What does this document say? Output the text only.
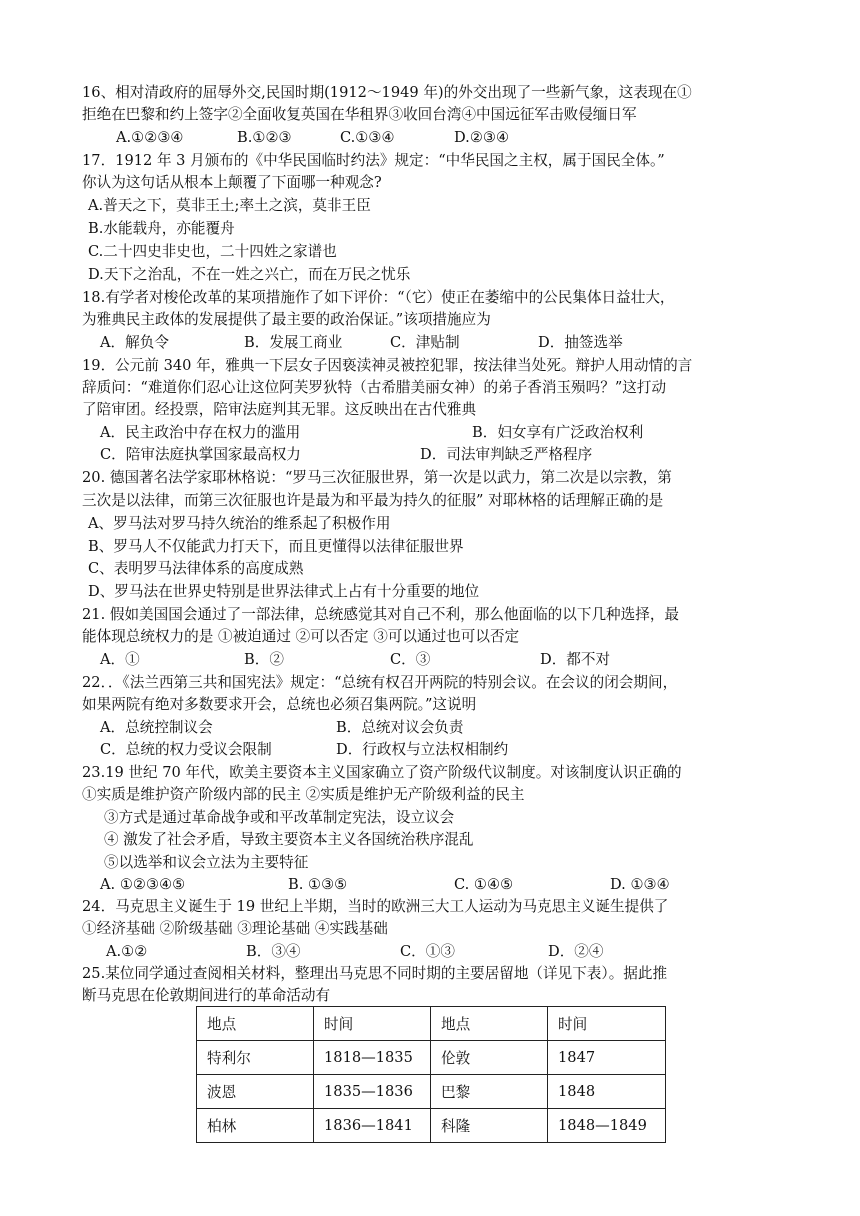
16、相对清政府的屈辱外交,民国时期(1912～1949 年)的外交出现了一些新气象，这表现在①
拒绝在巴黎和约上签字②全面收复英国在华租界③收回台湾④中国远征军击败侵缅日军
A.①②③④	B.①②③	C.①③④	D.②③④
17．1912 年 3 月颁布的《中华民国临时约法》规定：“中华民国之主权，属于国民全体。”
你认为这句话从根本上颠覆了下面哪一种观念?
A.普天之下，莫非王土;率土之滨，莫非王臣
B.水能载舟，亦能覆舟
C.二十四史非史也，二十四姓之家谱也
D.天下之治乱，不在一姓之兴亡，而在万民之忧乐
18.有学者对梭伦改革的某项措施作了如下评价：“（它）使正在萎缩中的公民集体日益壮大，
为雅典民主政体的发展提供了最主要的政治保证。”该项措施应为
A．解负令	B．发展工商业	C．津贴制	D．抽签选举
19．公元前 340 年，雅典一下层女子因亵渎神灵被控犯罪，按法律当处死。辩护人用动情的言
辞质问：“难道你们忍心让这位阿芙罗狄特（古希腊美丽女神）的弟子香消玉殒吗？”这打动
了陪审团。经投票，陪审法庭判其无罪。这反映出在古代雅典
A．民主政治中存在权力的滥用	B．妇女享有广泛政治权利
C．陪审法庭执掌国家最高权力	D．司法审判缺乏严格程序
20. 德国著名法学家耶林格说：“罗马三次征服世界，第一次是以武力，第二次是以宗教，第
三次是以法律，而第三次征服也许是最为和平最为持久的征服” 对耶林格的话理解正确的是
A、罗马法对罗马持久统治的维系起了积极作用
B、罗马人不仅能武力打天下，而且更懂得以法律征服世界
C、表明罗马法律体系的高度成熟
D、罗马法在世界史特别是世界法律式上占有十分重要的地位
21. 假如美国国会通过了一部法律，总统感觉其对自己不利，那么他面临的以下几种选择，最
能体现总统权力的是 ①被迫通过 ②可以否定 ③可以通过也可以否定
A．①	B．②	C．③	D．都不对
22．．《法兰西第三共和国宪法》规定：“总统有权召开两院的特别会议。在会议的闭会期间，
如果两院有绝对多数要求开会，总统也必须召集两院。”这说明
A．总统控制议会	B．总统对议会负责
C．总统的权力受议会限制	D．行政权与立法权相制约
23.19 世纪 70 年代，欧美主要资本主义国家确立了资产阶级代议制度。对该制度认识正确的
①实质是维护资产阶级内部的民主 ②实质是维护无产阶级利益的民主
③方式是通过革命战争或和平改革制定宪法，设立议会
④ 激发了社会矛盾，导致主要资本主义各国统治秩序混乱
⑤以选举和议会立法为主要特征
A. ①②③④⑤	B. ①③⑤	C. ①④⑤	D. ①③④
24．马克思主义诞生于 19 世纪上半期，当时的欧洲三大工人运动为马克思主义诞生提供了
①经济基础 ②阶级基础 ③理论基础 ④实践基础
A.①②	B．③④	C．①③	D．②④
25.某位同学通过查阅相关材料，整理出马克思不同时期的主要居留地（详见下表）。据此推
断马克思在伦敦期间进行的革命活动有
地点	时间	地点	时间
特利尔	1818—1835	伦敦	1847
波恩	1835—1836	巴黎	1848
柏林	1836—1841	科隆	1848—1849
